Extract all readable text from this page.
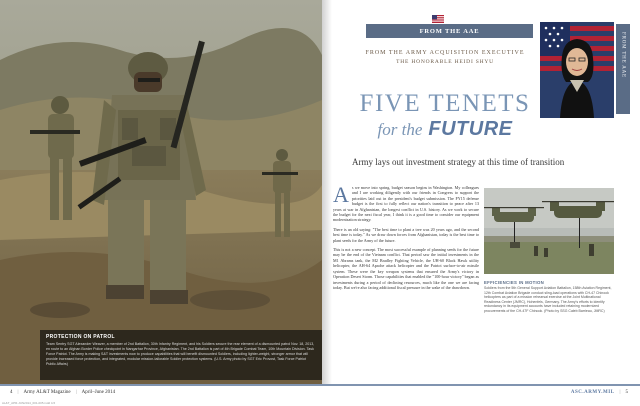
PROTECTION ON PATROL
Team Sentry SGT Alexander Weaver, a member of 2nd Battalion, 30th Infantry Regiment, and his Soldiers secure the rear element of a dismounted patrol Nov. 18, 2013, en route to an Afghan Border Police checkpoint in Nangarhar Province, Afghanistan. The 2nd Battalion is part of 4th Brigade Combat Team, 10th Mountain Division. Task Force Patriot. The Army is making S&T investments now to produce capabilities that will benefit dismounted Soldiers, including lighter-weight, stronger armor that will provide increased force protection, and integrated, modular mission-tailorable Soldier protection systems. (U.S. Army photo by SGT Eric Provost, Task Force Patriot Public Affairs)
FROM THE AAE
FROM THE ARMY ACQUISITION EXECUTIVE
THE HONORABLE HEIDI SHYU	FROM THE AAE
FIVE TENETS
for the FUTURE
Army lays out investment strategy at this time of transition

As we move into spring, budget season begins in Washington. My colleagues and I are working diligently with our friends in Congress to support the priorities laid out in the president's budget submission. The FY15 defense budget is the first to fully reflect our nation's transition to peace after 13 years at war in Afghanistan, the longest conflict in U.S. history. As we work to secure the budget for the next fiscal year, I think it is a good time to consider our equipment modernization strategy.

There is an old saying: "The best time to plant a tree was 20 years ago, and the second best time is today." As we draw down forces from Afghanistan, today is the best time to plant seeds for the Army of the future.

This is not a new concept. The most successful example of planning seeds for the future may be the end of the Vietnam conflict. That period saw the initial investments in the M1 Abrams tank, the M2 Bradley Fighting Vehicle, the UH-60 Black Hawk utility helicopter, the AH-64 Apache attack helicopter and the Patriot surface-to-air missile system. These were the key weapon systems that ensured the Army's victory in Operation Desert Storm. Those capabilities that enabled the "100-hour victory" began as investments during a period of declining resources, much like the one we are facing today. But we're also facing additional fiscal pressure in the wake of the drawdown.

EFFICIENCIES IN MOTION
Soldiers from the 5th General Support Aviation Battalion, 158th Aviation Regiment, 12th Combat Aviation Brigade conduct sling-load operations with CH-47 Chinook helicopters as part of a mission rehearsal exercise at the Joint Multinational Readiness Center (JMRC), Hohenfels, Germany. The Army's efforts to identify redundancy in its equipment accounts have included retaining modernized procurements of the CH-47F Chinook. (Photo by SSG Caleb Barrieau, JMRC)
4 | Army AL&T Magazine | April–June 2014	ASC.ARMY.MIL | 5
AL&T_APR-JUN2014_001-005.indd 4-5
